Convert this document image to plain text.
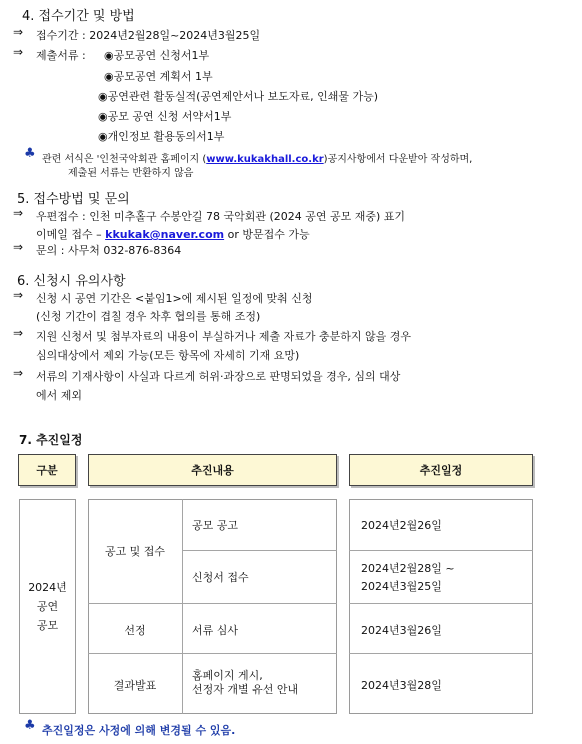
4. 접수기간 및 방법
⇒ 접수기간 : 2024년2월28일~2024년3월25일
⇒ 제출서류 : ◉공모공연 신청서1부
◉공모공연 계획서 1부
◉공연관련 활동실적(공연제안서나 보도자료, 인쇄물 가능)
◉공모 공연 신청 서약서1부
◉개인정보 활용동의서1부
♣ 관련 서식은 '인천국악회관 홈페이지 (www.kukakhall.co.kr)공지사항에서 다운받아 작성하며,
제출된 서류는 반환하지 않음
5. 접수방법 및 문의
⇒ 우편접수 : 인천 미추홀구 수봉안길 78 국악회관 (2024 공연 공모 재중) 표기
이메일 접수 – kkukak@naver.com or 방문접수 가능
⇒ 문의 : 사무처 032-876-8364
6. 신청시 유의사항
⇒ 신청 시 공연 기간은 <붙임1>에 제시된 일정에 맞춰 신청
(신청 기간이 겹칠 경우 차후 협의를 통해 조정)
⇒ 지원 신청서 및 첨부자료의 내용이 부실하거나 제출 자료가 충분하지 않을 경우
심의대상에서 제외 가능(모든 항목에 자세히 기재 요망)
⇒ 서류의 기재사항이 사실과 다르게 허위·과장으로 판명되었을 경우, 심의 대상
에서 제외
7. 추진일정
구분	추진내용	추진일정
2024년
공연
공모
공고 및 접수
선정
결과발표
공모 공고
신청서 접수
서류 심사
홈페이지 게시,
선정자 개별 유선 안내
2024년2월26일
2024년2월28일 ~
2024년3월25일
2024년3월26일
2024년3월28일
♣ 추진일정은 사정에 의해 변경될 수 있음.
